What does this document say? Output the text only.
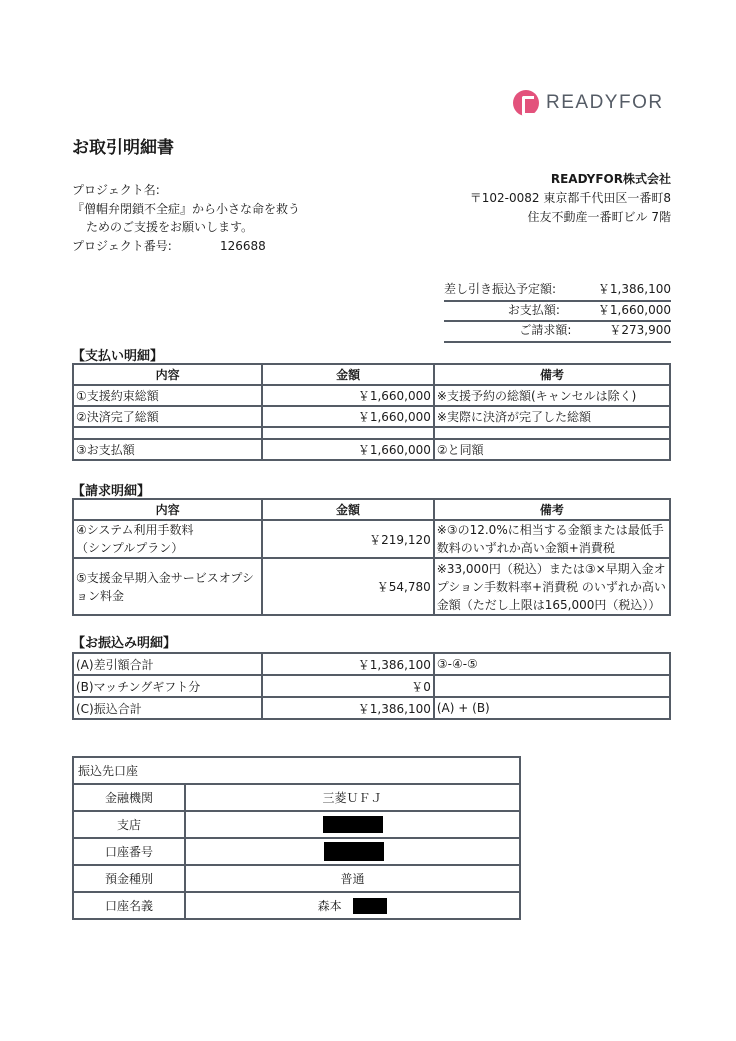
READYFOR
お取引明細書
プロジェクト名:
『僧帽弁閉鎖不全症』から小さな命を救う
ためのご支援をお願いします。
プロジェクト番号:	126688
READYFOR株式会社
〒102-0082 東京都千代田区一番町8
住友不動産一番町ビル 7階
差し引き振込予定額:	￥1,386,100
お支払額:	￥1,660,000
ご請求額:	￥273,900
【支払い明細】
内容	金額	備考
①支援約束総額	￥1,660,000	※支援予約の総額(キャンセルは除く)
②決済完了総額	￥1,660,000	※実際に決済が完了した総額

③お支払額	￥1,660,000	②と同額
【請求明細】
内容	金額	備考
④システム利用手数料
（シンプルプラン）	￥219,120	※③の12.0%に相当する金額または最低手数料のいずれか高い金額+消費税
⑤支援金早期入金サービスオプション料金	￥54,780	※33,000円（税込）または③×早期入金オプション手数料率+消費税 のいずれか高い金額（ただし上限は165,000円（税込））
【お振込み明細】
(A)差引額合計	￥1,386,100	③-④-⑤
(B)マッチングギフト分	￥0	
(C)振込合計	￥1,386,100	(A) + (B)
振込先口座	
金融機関	三菱ＵＦＪ
支店	
口座番号	
預金種別	普通
口座名義	森本
